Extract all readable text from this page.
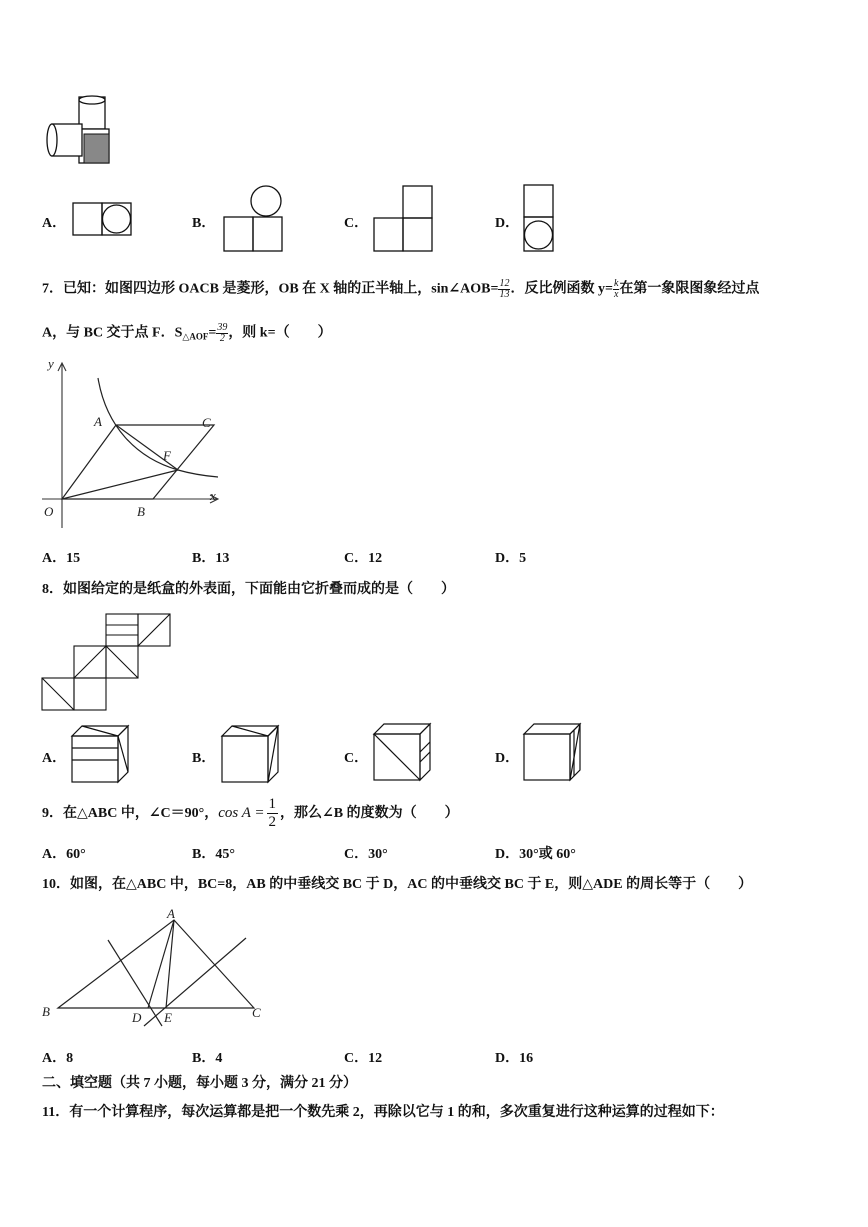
A．	B．	C．	D．
7．已知：如图四边形 OACB 是菱形，OB 在 X 轴的正半轴上，sin∠AOB= $\frac{12}{13}$ ．反比例函数 $y= \frac{k}{x}$ 在第一象限图象经过点
A，与 BC 交于点 F．$S_{\triangle AOF}= \frac{39}{2}$ ，则 k=（　　）
y
x
O
A
B
C
F
A．15	B．13	C．12	D．5
8．如图给定的是纸盒的外表面，下面能由它折叠而成的是（　　）
A．	B．	C．	D．
9．在△ABC 中，∠C＝90°，$\cos A = \frac{1}{2}$ ，那么∠B 的度数为（　　）
A．60°	B．45°	C．30°	D．30°或 60°
10．如图，在△ABC 中，BC=8，AB 的中垂线交 BC 于 D，AC 的中垂线交 BC 于 E，则△ADE 的周长等于（　　）
A
B	C
D E
A．8	B．4	C．12	D．16
二、填空题（共 7 小题，每小题 3 分，满分 21 分）
11．有一个计算程序，每次运算都是把一个数先乘 2，再除以它与 1 的和，多次重复进行这种运算的过程如下：
